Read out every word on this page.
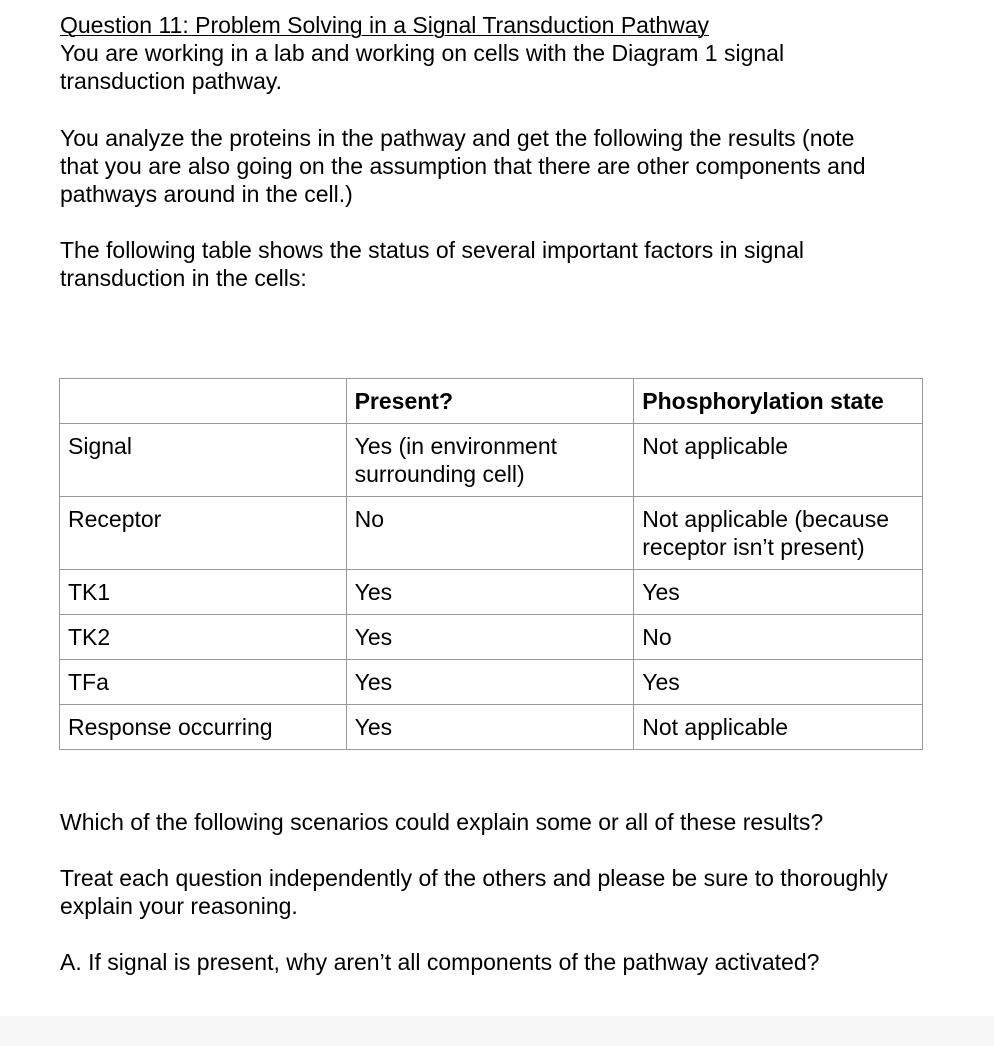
Question 11: Problem Solving in a Signal Transduction Pathway
You are working in a lab and working on cells with the Diagram 1 signal
transduction pathway.
You analyze the proteins in the pathway and get the following the results (note
that you are also going on the assumption that there are other components and
pathways around in the cell.)
The following table shows the status of several important factors in signal
transduction in the cells:
	Present?	Phosphorylation state
Signal	Yes (in environment
surrounding cell)	Not applicable

Receptor	No	Not applicable (because
receptor isn’t present)

TK1	Yes	Yes

TK2	Yes	No

TFa	Yes	Yes

Response occurring	Yes	Not applicable
Which of the following scenarios could explain some or all of these results?
Treat each question independently of the others and please be sure to thoroughly
explain your reasoning.
A. If signal is present, why aren’t all components of the pathway activated?
